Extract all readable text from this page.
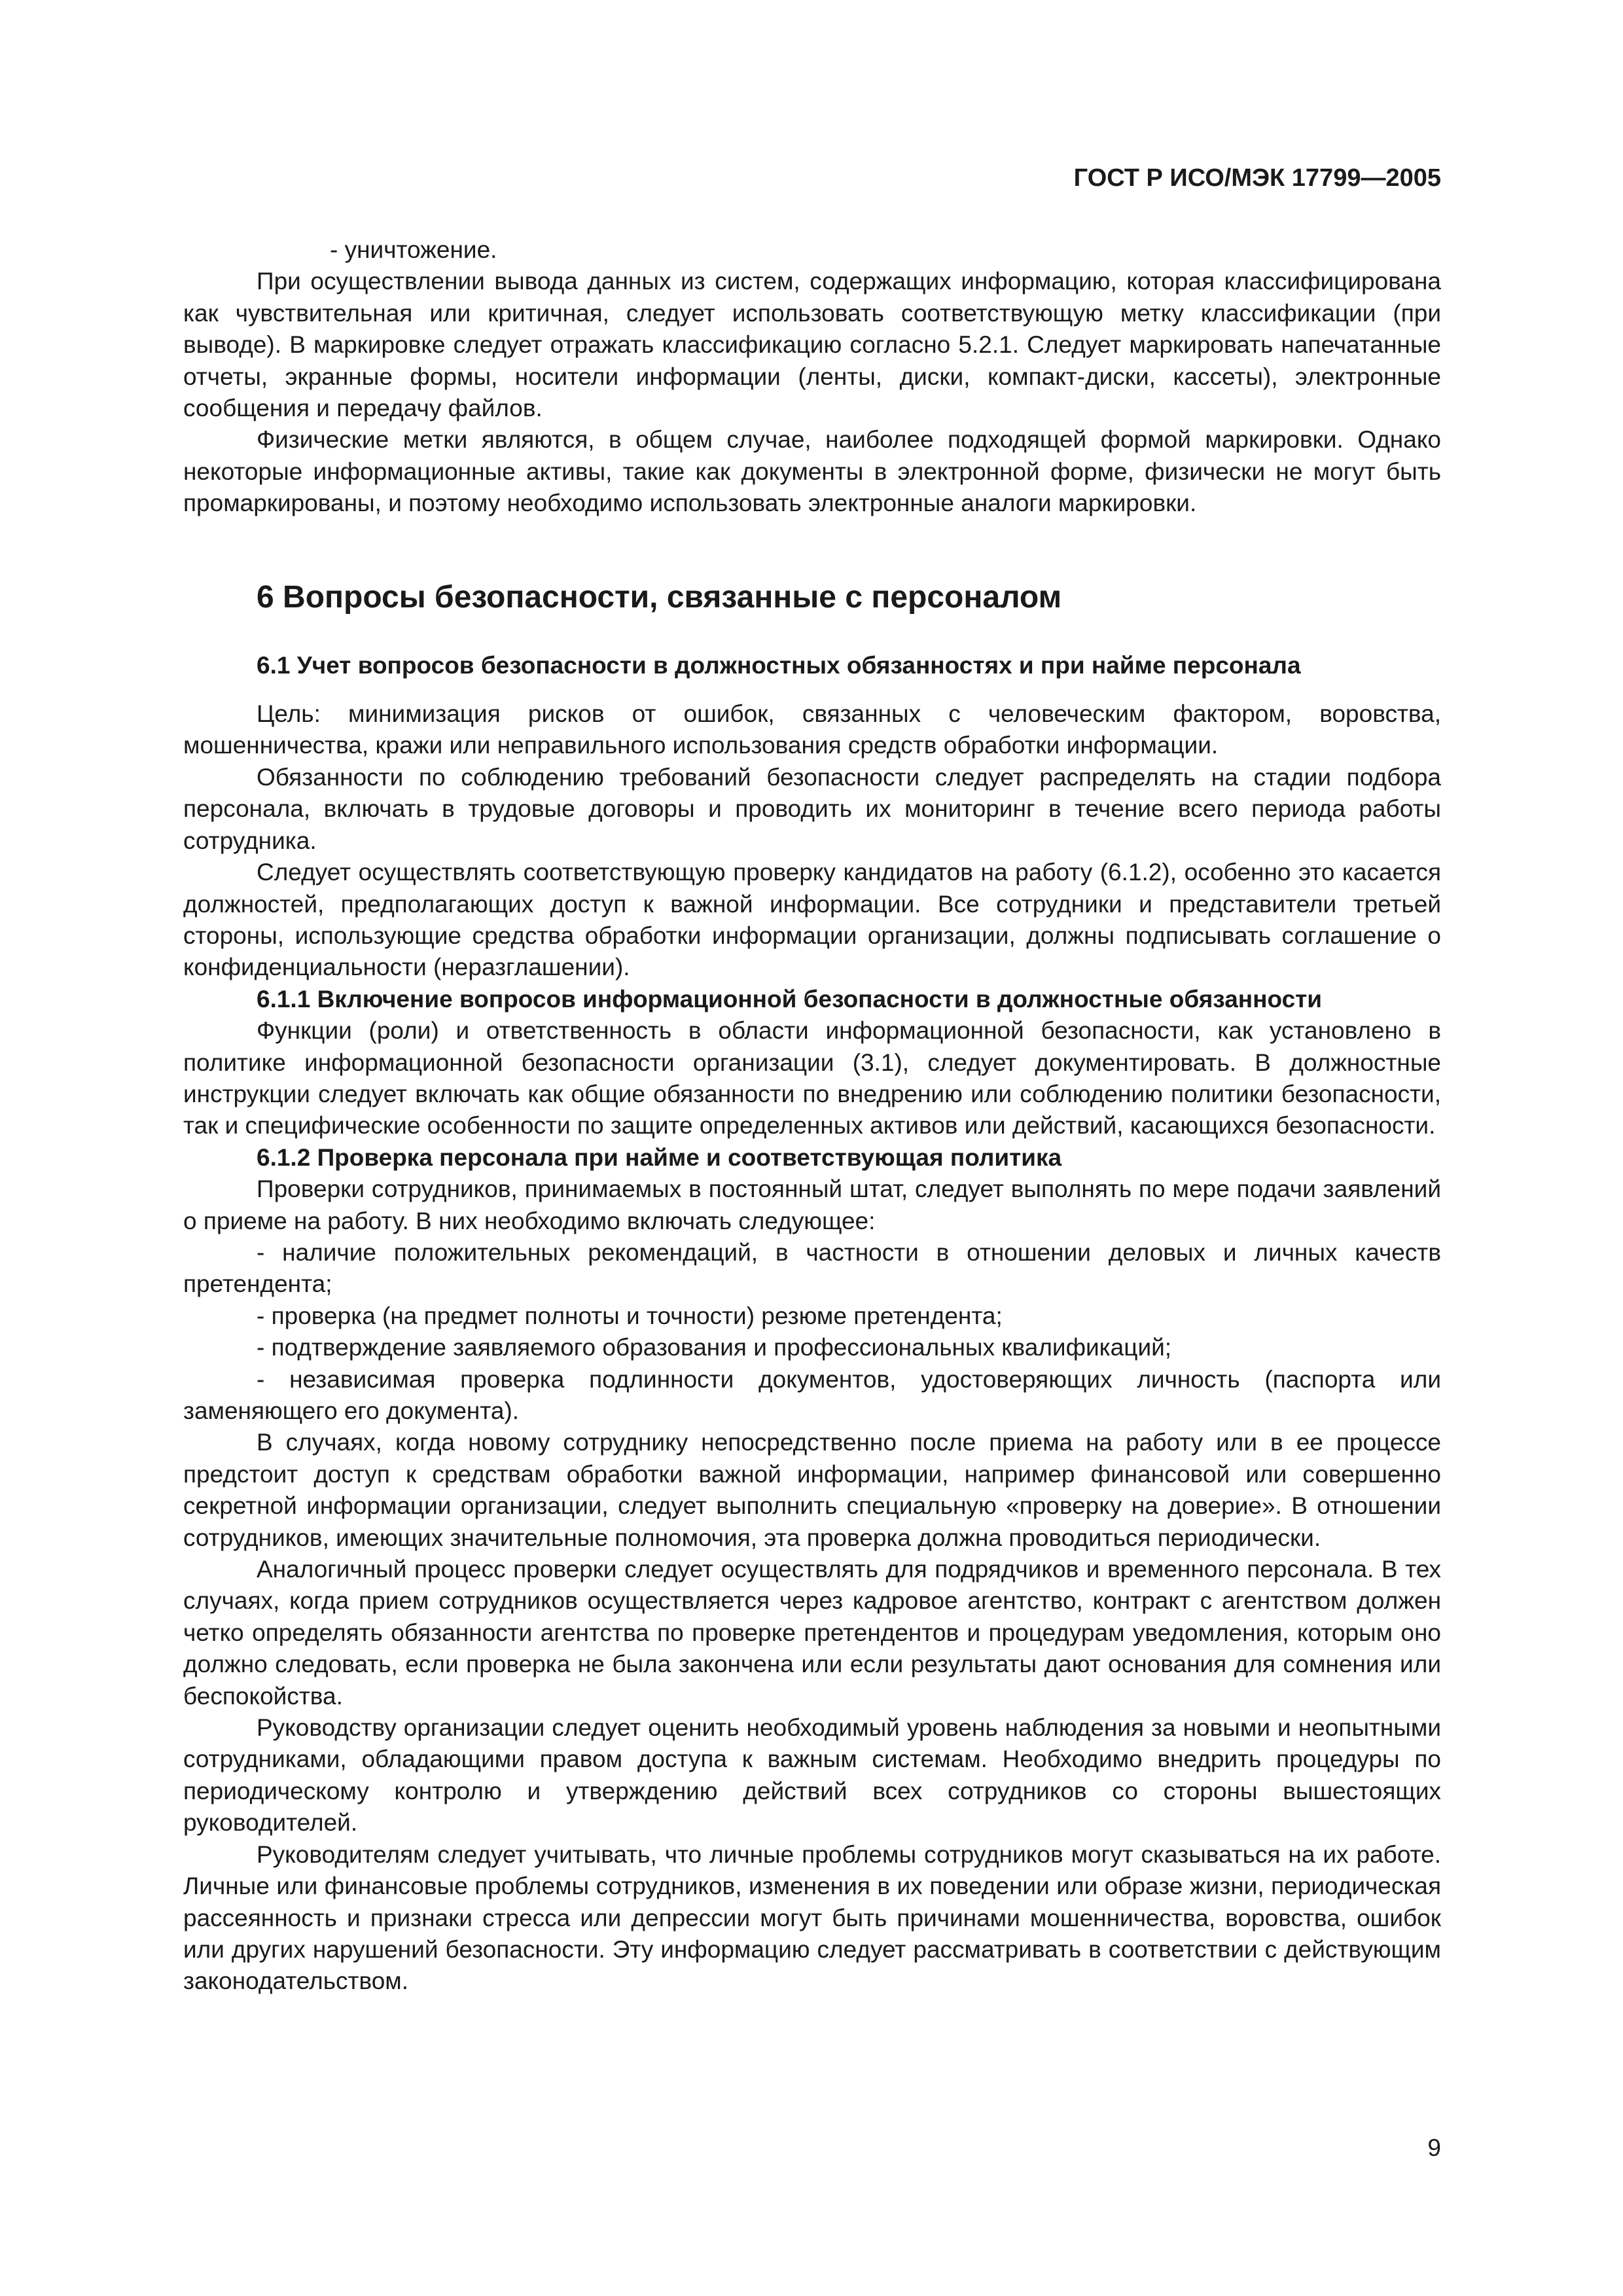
ГОСТ Р ИСО/МЭК 17799—2005

- уничтожение.

При осуществлении вывода данных из систем, содержащих информацию, которая классифицирована как чувствительная или критичная, следует использовать соответствующую метку классификации (при выводе). В маркировке следует отражать классификацию согласно 5.2.1. Следует маркировать напечатанные отчеты, экранные формы, носители информации (ленты, диски, компакт-диски, кассеты), электронные сообщения и передачу файлов.

Физические метки являются, в общем случае, наиболее подходящей формой маркировки. Однако некоторые информационные активы, такие как документы в электронной форме, физически не могут быть промаркированы, и поэтому необходимо использовать электронные аналоги маркировки.

6 Вопросы безопасности, связанные с персоналом
6.1 Учет вопросов безопасности в должностных обязанностях и при найме персонала

Цель: минимизация рисков от ошибок, связанных с человеческим фактором, воровства, мошенничества, кражи или неправильного использования средств обработки информации.

Обязанности по соблюдению требований безопасности следует распределять на стадии подбора персонала, включать в трудовые договоры и проводить их мониторинг в течение всего периода работы сотрудника.

Следует осуществлять соответствующую проверку кандидатов на работу (6.1.2), особенно это касается должностей, предполагающих доступ к важной информации. Все сотрудники и представители третьей стороны, использующие средства обработки информации организации, должны подписывать соглашение о конфиденциальности (неразглашении).

6.1.1 Включение вопросов информационной безопасности в должностные обязанности

Функции (роли) и ответственность в области информационной безопасности, как установлено в политике информационной безопасности организации (3.1), следует документировать. В должностные инструкции следует включать как общие обязанности по внедрению или соблюдению политики безопасности, так и специфические особенности по защите определенных активов или действий, касающихся безопасности.

6.1.2 Проверка персонала при найме и соответствующая политика

Проверки сотрудников, принимаемых в постоянный штат, следует выполнять по мере подачи заявлений о приеме на работу. В них необходимо включать следующее:

- наличие положительных рекомендаций, в частности в отношении деловых и личных качеств претендента;

- проверка (на предмет полноты и точности) резюме претендента;

- подтверждение заявляемого образования и профессиональных квалификаций;

- независимая проверка подлинности документов, удостоверяющих личность (паспорта или заменяющего его документа).

В случаях, когда новому сотруднику непосредственно после приема на работу или в ее процессе предстоит доступ к средствам обработки важной информации, например финансовой или совершенно секретной информации организации, следует выполнить специальную «проверку на доверие». В отношении сотрудников, имеющих значительные полномочия, эта проверка должна проводиться периодически.

Аналогичный процесс проверки следует осуществлять для подрядчиков и временного персонала. В тех случаях, когда прием сотрудников осуществляется через кадровое агентство, контракт с агентством должен четко определять обязанности агентства по проверке претендентов и процедурам уведомления, которым оно должно следовать, если проверка не была закончена или если результаты дают основания для сомнения или беспокойства.

Руководству организации следует оценить необходимый уровень наблюдения за новыми и неопытными сотрудниками, обладающими правом доступа к важным системам. Необходимо внедрить процедуры по периодическому контролю и утверждению действий всех сотрудников со стороны вышестоящих руководителей.

Руководителям следует учитывать, что личные проблемы сотрудников могут сказываться на их работе. Личные или финансовые проблемы сотрудников, изменения в их поведении или образе жизни, периодическая рассеянность и признаки стресса или депрессии могут быть причинами мошенничества, воровства, ошибок или других нарушений безопасности. Эту информацию следует рассматривать в соответствии с действующим законодательством.

9
